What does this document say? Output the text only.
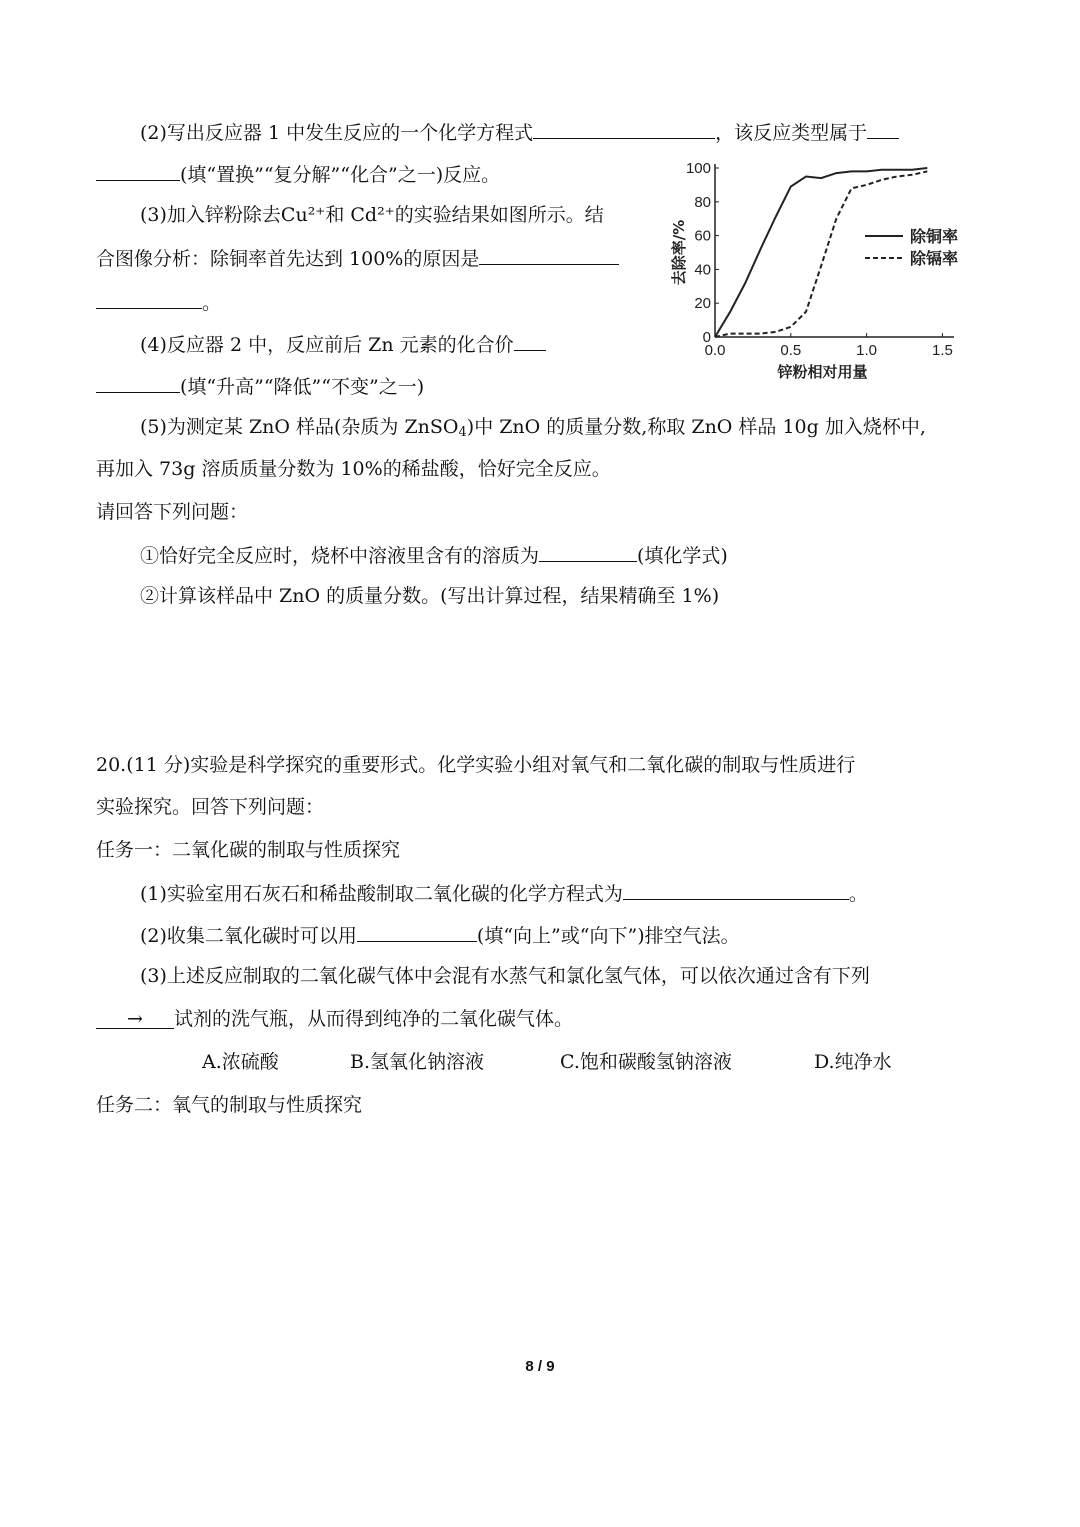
(2)写出反应器 1 中发生反应的一个化学方程式	，该反应类型属于
(填“置换”“复分解”“化合”之一)反应。
(3)加入锌粉除去Cu²⁺和 Cd²⁺的实验结果如图所示。结
合图像分析：除铜率首先达到 100%的原因是
。
(4)反应器 2 中，反应前后 Zn 元素的化合价
(填“升高”“降低”“不变”之一)
(5)为测定某 ZnO 样品(杂质为 ZnSO$_4$)中 ZnO 的质量分数,称取 ZnO 样品 10g 加入烧杯中,
再加入 73g 溶质质量分数为 10%的稀盐酸，恰好完全反应。
请回答下列问题：
①恰好完全反应时，烧杯中溶液里含有的溶质为	(填化学式)
②计算该样品中 ZnO 的质量分数。(写出计算过程，结果精确至 1%)
0
20
40
60
80
100
0.0	0.5	1.0	1.5
锌粉相对用量
去除率/%	除铜率
除镉率
20.(11 分)实验是科学探究的重要形式。化学实验小组对氧气和二氧化碳的制取与性质进行
实验探究。回答下列问题：
任务一：二氧化碳的制取与性质探究
(1)实验室用石灰石和稀盐酸制取二氧化碳的化学方程式为	。
(2)收集二氧化碳时可以用	(填“向上”或“向下”)排空气法。
(3)上述反应制取的二氧化碳气体中会混有水蒸气和氯化氢气体，可以依次通过含有下列
→ 试剂的洗气瓶，从而得到纯净的二氧化碳气体。
A.浓硫酸	B.氢氧化钠溶液	C.饱和碳酸氢钠溶液	D.纯净水
任务二：氧气的制取与性质探究
8 / 9
